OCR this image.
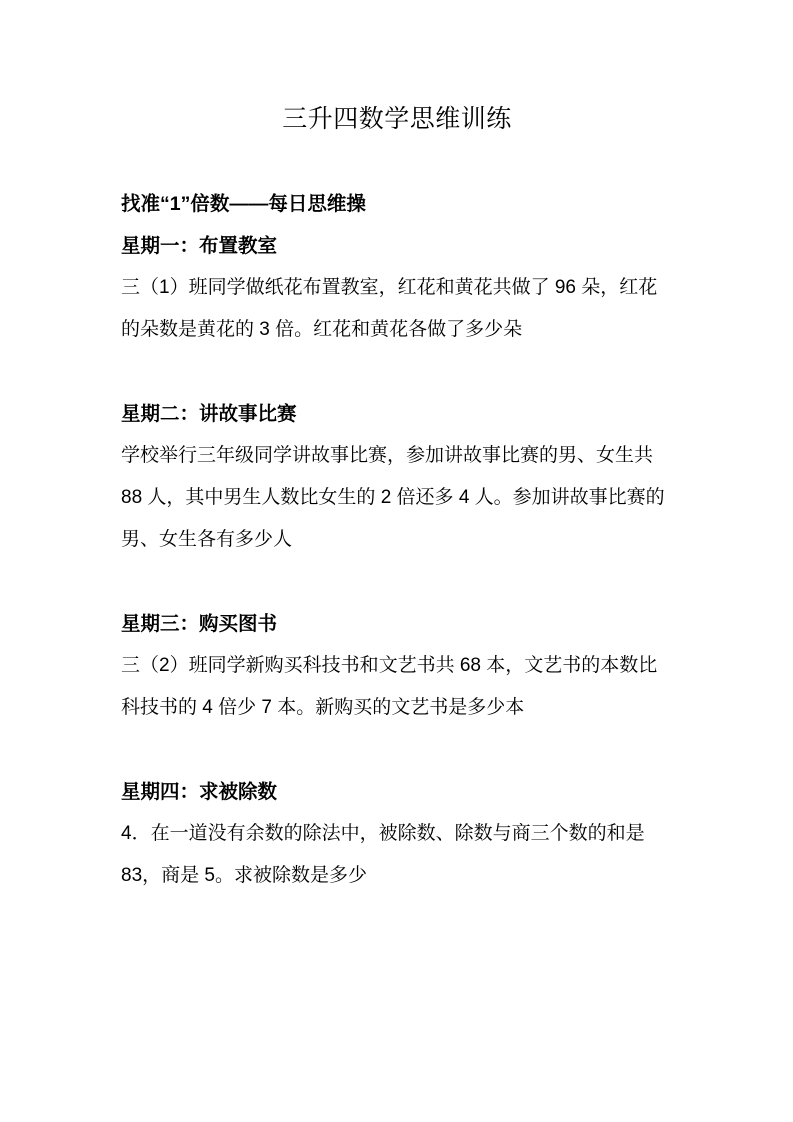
三升四数学思维训练
找准“1”倍数——每日思维操
星期一：布置教室
三（1）班同学做纸花布置教室，红花和黄花共做了 96 朵，红花的朵数是黄花的 3 倍。红花和黄花各做了多少朵
星期二：讲故事比赛
学校举行三年级同学讲故事比赛，参加讲故事比赛的男、女生共 88 人，其中男生人数比女生的 2 倍还多 4 人。参加讲故事比赛的男、女生各有多少人
星期三：购买图书
三（2）班同学新购买科技书和文艺书共 68 本，文艺书的本数比科技书的 4 倍少 7 本。新购买的文艺书是多少本
星期四：求被除数
4．在一道没有余数的除法中，被除数、除数与商三个数的和是 83，商是 5。求被除数是多少
